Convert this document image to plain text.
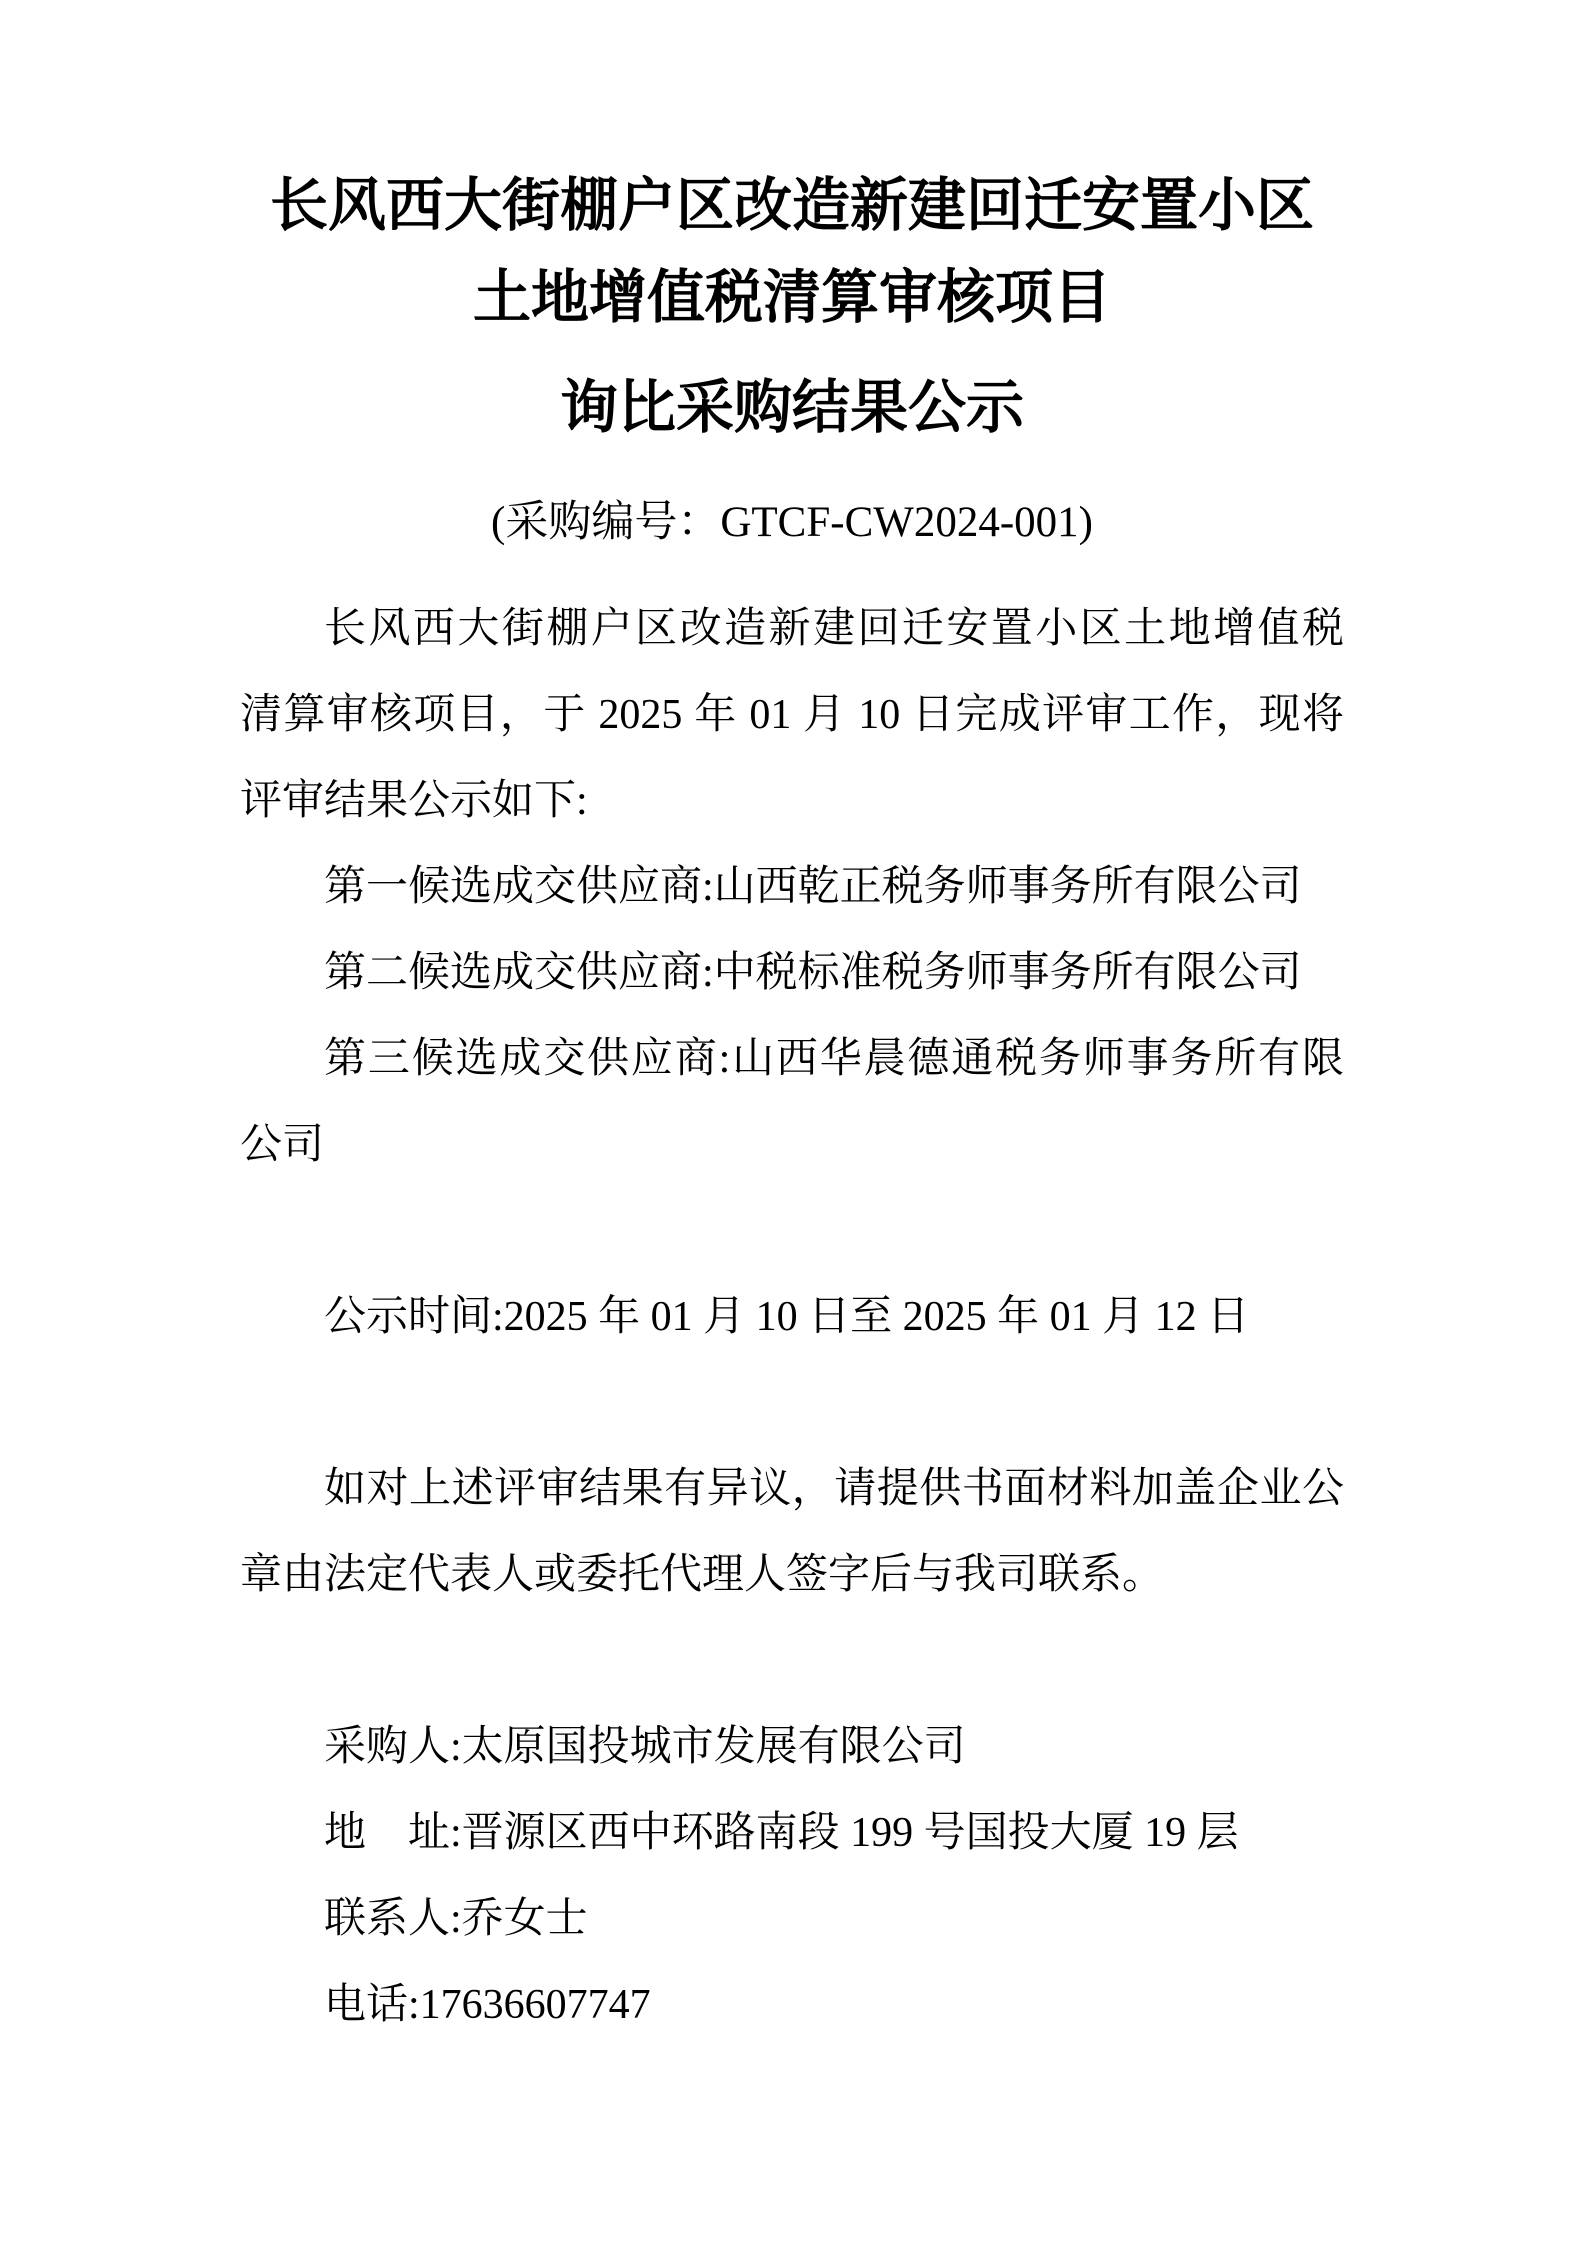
长风西大街棚户区改造新建回迁安置小区
土地增值税清算审核项目
询比采购结果公示
(采购编号：GTCF-CW2024-001)
长风西大街棚户区改造新建回迁安置小区土地增值税
清算审核项目，于 2025 年 01 月 10 日完成评审工作，现将
评审结果公示如下:
第一候选成交供应商:山西乾正税务师事务所有限公司
第二候选成交供应商:中税标准税务师事务所有限公司
第三候选成交供应商:山西华晨德通税务师事务所有限
公司
公示时间:2025 年 01 月 10 日至 2025 年 01 月 12 日
如对上述评审结果有异议，请提供书面材料加盖企业公
章由法定代表人或委托代理人签字后与我司联系。
采购人:太原国投城市发展有限公司
地　址:晋源区西中环路南段 199 号国投大厦 19 层
联系人:乔女士
电话:17636607747
